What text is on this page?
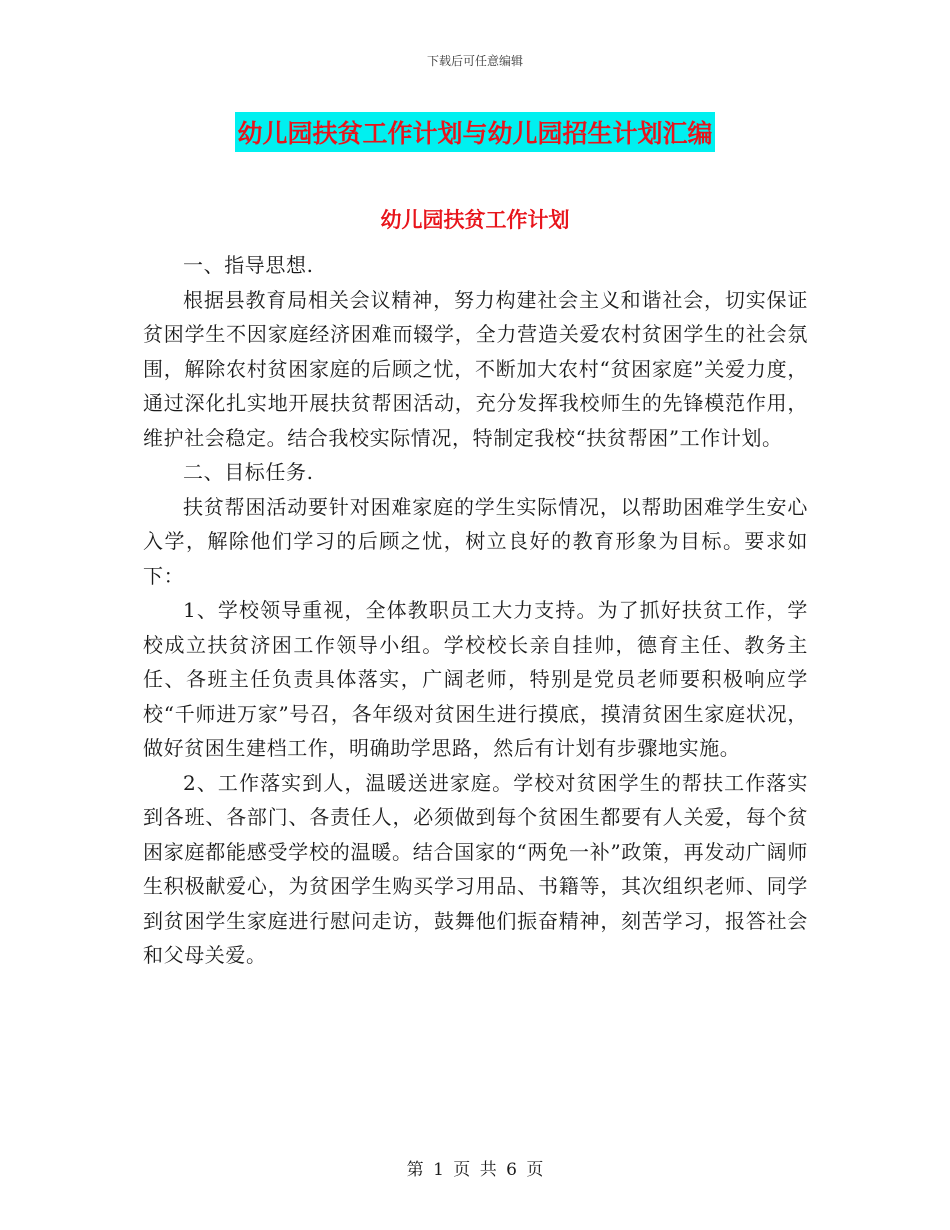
下载后可任意编辑
幼儿园扶贫工作计划与幼儿园招生计划汇编
幼儿园扶贫工作计划

一、指导思想.

根据县教育局相关会议精神，努力构建社会主义和谐社会，切实保证贫困学生不因家庭经济困难而辍学，全力营造关爱农村贫困学生的社会氛围，解除农村贫困家庭的后顾之忧，不断加大农村“贫困家庭”关爱力度，通过深化扎实地开展扶贫帮困活动，充分发挥我校师生的先锋模范作用，维护社会稳定。结合我校实际情况，特制定我校“扶贫帮困”工作计划。

二、目标任务.

扶贫帮困活动要针对困难家庭的学生实际情况，以帮助困难学生安心入学，解除他们学习的后顾之忧，树立良好的教育形象为目标。要求如下：

1、学校领导重视，全体教职员工大力支持。为了抓好扶贫工作，学校成立扶贫济困工作领导小组。学校校长亲自挂帅，德育主任、教务主任、各班主任负责具体落实，广阔老师，特别是党员老师要积极响应学校“千师进万家”号召，各年级对贫困生进行摸底，摸清贫困生家庭状况，做好贫困生建档工作，明确助学思路，然后有计划有步骤地实施。

2、工作落实到人，温暖送进家庭。学校对贫困学生的帮扶工作落实到各班、各部门、各责任人，必须做到每个贫困生都要有人关爱，每个贫困家庭都能感受学校的温暖。结合国家的“两免一补”政策，再发动广阔师生积极献爱心，为贫困学生购买学习用品、书籍等，其次组织老师、同学到贫困学生家庭进行慰问走访，鼓舞他们振奋精神，刻苦学习，报答社会和父母关爱。

第 1 页 共 6 页
